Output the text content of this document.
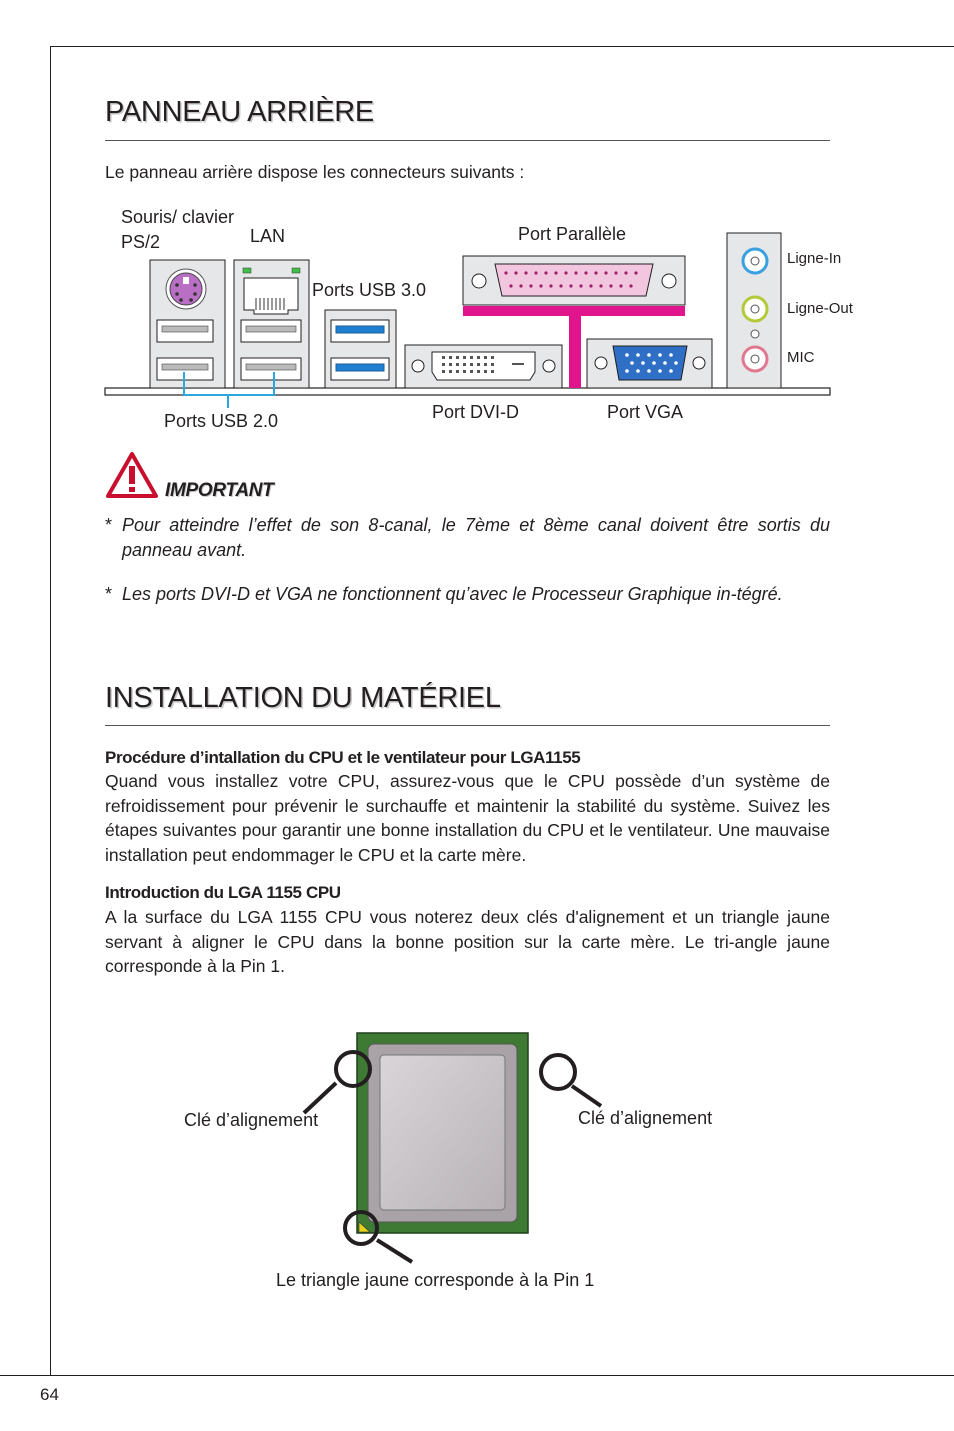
64
PANNEAU ARRIÈRE
Le panneau arrière dispose les connecteurs suivants :
Souris/ clavier
PS/2	LAN
Ports USB 3.0
Port Parallèle
Ligne-In
Ligne-Out
MIC
Ports USB 2.0	Port DVI-D	Port VGA
IMPORTANT
* Pour atteindre l’effet de son 8-canal, le 7ème et 8ème canal doivent être sortis du panneau avant.
* Les ports DVI-D et VGA ne fonctionnent qu’avec le Processeur Graphique in-tégré.
INSTALLATION DU MATÉRIEL
Procédure d’intallation du CPU et le ventilateur pour LGA1155
Quand vous installez votre CPU, assurez-vous que le CPU possède d’un système de refroidissement pour prévenir le surchauffe et maintenir la stabilité du système. Suivez les étapes suivantes pour garantir une bonne installation du CPU et le ventilateur. Une mauvaise installation peut endommager le CPU et la carte mère.
Introduction du LGA 1155 CPU
A la surface du LGA 1155 CPU vous noterez deux clés d'alignement et un triangle jaune servant à aligner le CPU dans la bonne position sur la carte mère. Le tri-angle jaune corresponde à la Pin 1.
Clé d’alignement	Clé d’alignement
Le triangle jaune corresponde à la Pin 1
